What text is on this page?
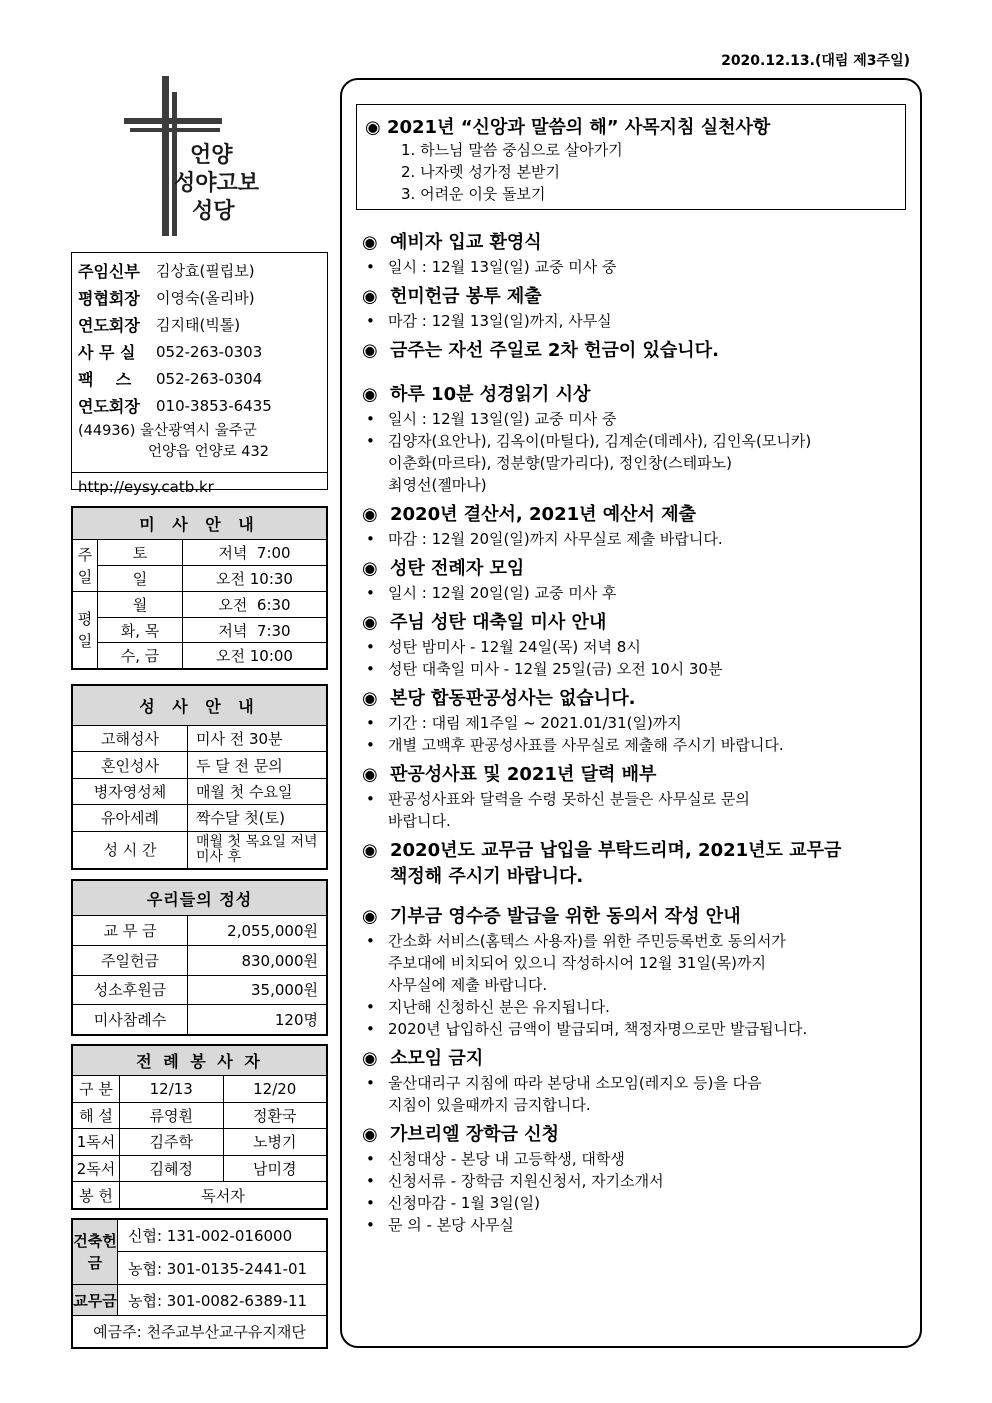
2020.12.13.(대림 제3주일)
언양
성야고보
성당
주임신부	김상효(필립보)
평협회장	이영숙(올리바)
연도회장	김지태(빅톨)
사 무 실	052-263-0303
팩    스	052-263-0304
연도회장	010-3853-6435
(44936) 울산광역시 울주군
언양읍 언양로 432
http://eysy.catb.kr
미 사 안 내		
주일	토	저녁  7:00
	일	오전 10:30
평일	월	오전  6:30
	화, 목	저녁  7:30
	수, 금	오전 10:00
성 사 안 내	
고해성사	미사 전 30분
혼인성사	두 달 전 문의
병자영성체	매월 첫 수요일
유아세례	짝수달 첫(토)
성 시 간	매월 첫 목요일 저녁미사 후
우리들의 정성	
교 무 금	2,055,000원
주일헌금	830,000원
성소후원금	35,000원
미사참례수	120명
전 례 봉 사 자		
구 분	12/13	12/20
해 설	류영훤	정환국
1독서	김주학	노병기
2독서	김혜정	남미경
봉 헌	독서자	
건축헌금	신협: 131-002-016000
	농협: 301-0135-2441-01
교무금	농협: 301-0082-6389-11
예금주: 천주교부산교구유지재단	
◉ 2021년 “신앙과 말씀의 해” 사목지침 실천사항
1. 하느님 말씀 중심으로 살아가기
2. 나자렛 성가정 본받기
3. 어려운 이웃 돌보기
◉ 예비자 입교 환영식
• 일시 : 12월 13일(일) 교중 미사 중
◉ 헌미헌금 봉투 제출
• 마감 : 12월 13일(일)까지, 사무실
◉ 금주는 자선 주일로 2차 헌금이 있습니다.
◉ 하루 10분 성경읽기 시상
• 일시 : 12월 13일(일) 교중 미사 중
• 김양자(요안나), 김옥이(마틸다), 김계순(데레사), 김인옥(모니카)
이춘화(마르타), 정분향(말가리다), 정인창(스테파노)
최영선(젤마나)
◉ 2020년 결산서, 2021년 예산서 제출
• 마감 : 12월 20일(일)까지 사무실로 제출 바랍니다.
◉ 성탄 전례자 모임
• 일시 : 12월 20일(일) 교중 미사 후
◉ 주님 성탄 대축일 미사 안내
• 성탄 밤미사 - 12월 24일(목) 저녁 8시
• 성탄 대축일 미사 - 12월 25일(금) 오전 10시 30분
◉ 본당 합동판공성사는 없습니다.
• 기간 : 대림 제1주일 ~ 2021.01/31(일)까지
• 개별 고백후 판공성사표를 사무실로 제출해 주시기 바랍니다.
◉ 판공성사표 및 2021년 달력 배부
• 판공성사표와 달력을 수령 못하신 분들은 사무실로 문의
바랍니다.
◉ 2020년도 교무금 납입을 부탁드리며, 2021년도 교무금
책정해 주시기 바랍니다.
◉ 기부금 영수증 발급을 위한 동의서 작성 안내
• 간소화 서비스(홈텍스 사용자)를 위한 주민등록번호 동의서가
주보대에 비치되어 있으니 작성하시어 12월 31일(목)까지
사무실에 제출 바랍니다.
• 지난해 신청하신 분은 유지됩니다.
• 2020년 납입하신 금액이 발급되며, 책정자명으로만 발급됩니다.
◉ 소모임 금지
• 울산대리구 지침에 따라 본당내 소모임(레지오 등)을 다음
지침이 있을때까지 금지합니다.
◉ 가브리엘 장학금 신청
• 신청대상 - 본당 내 고등학생, 대학생
• 신청서류 - 장학금 지원신청서, 자기소개서
• 신청마감 - 1월 3일(일)
• 문 의 - 본당 사무실
